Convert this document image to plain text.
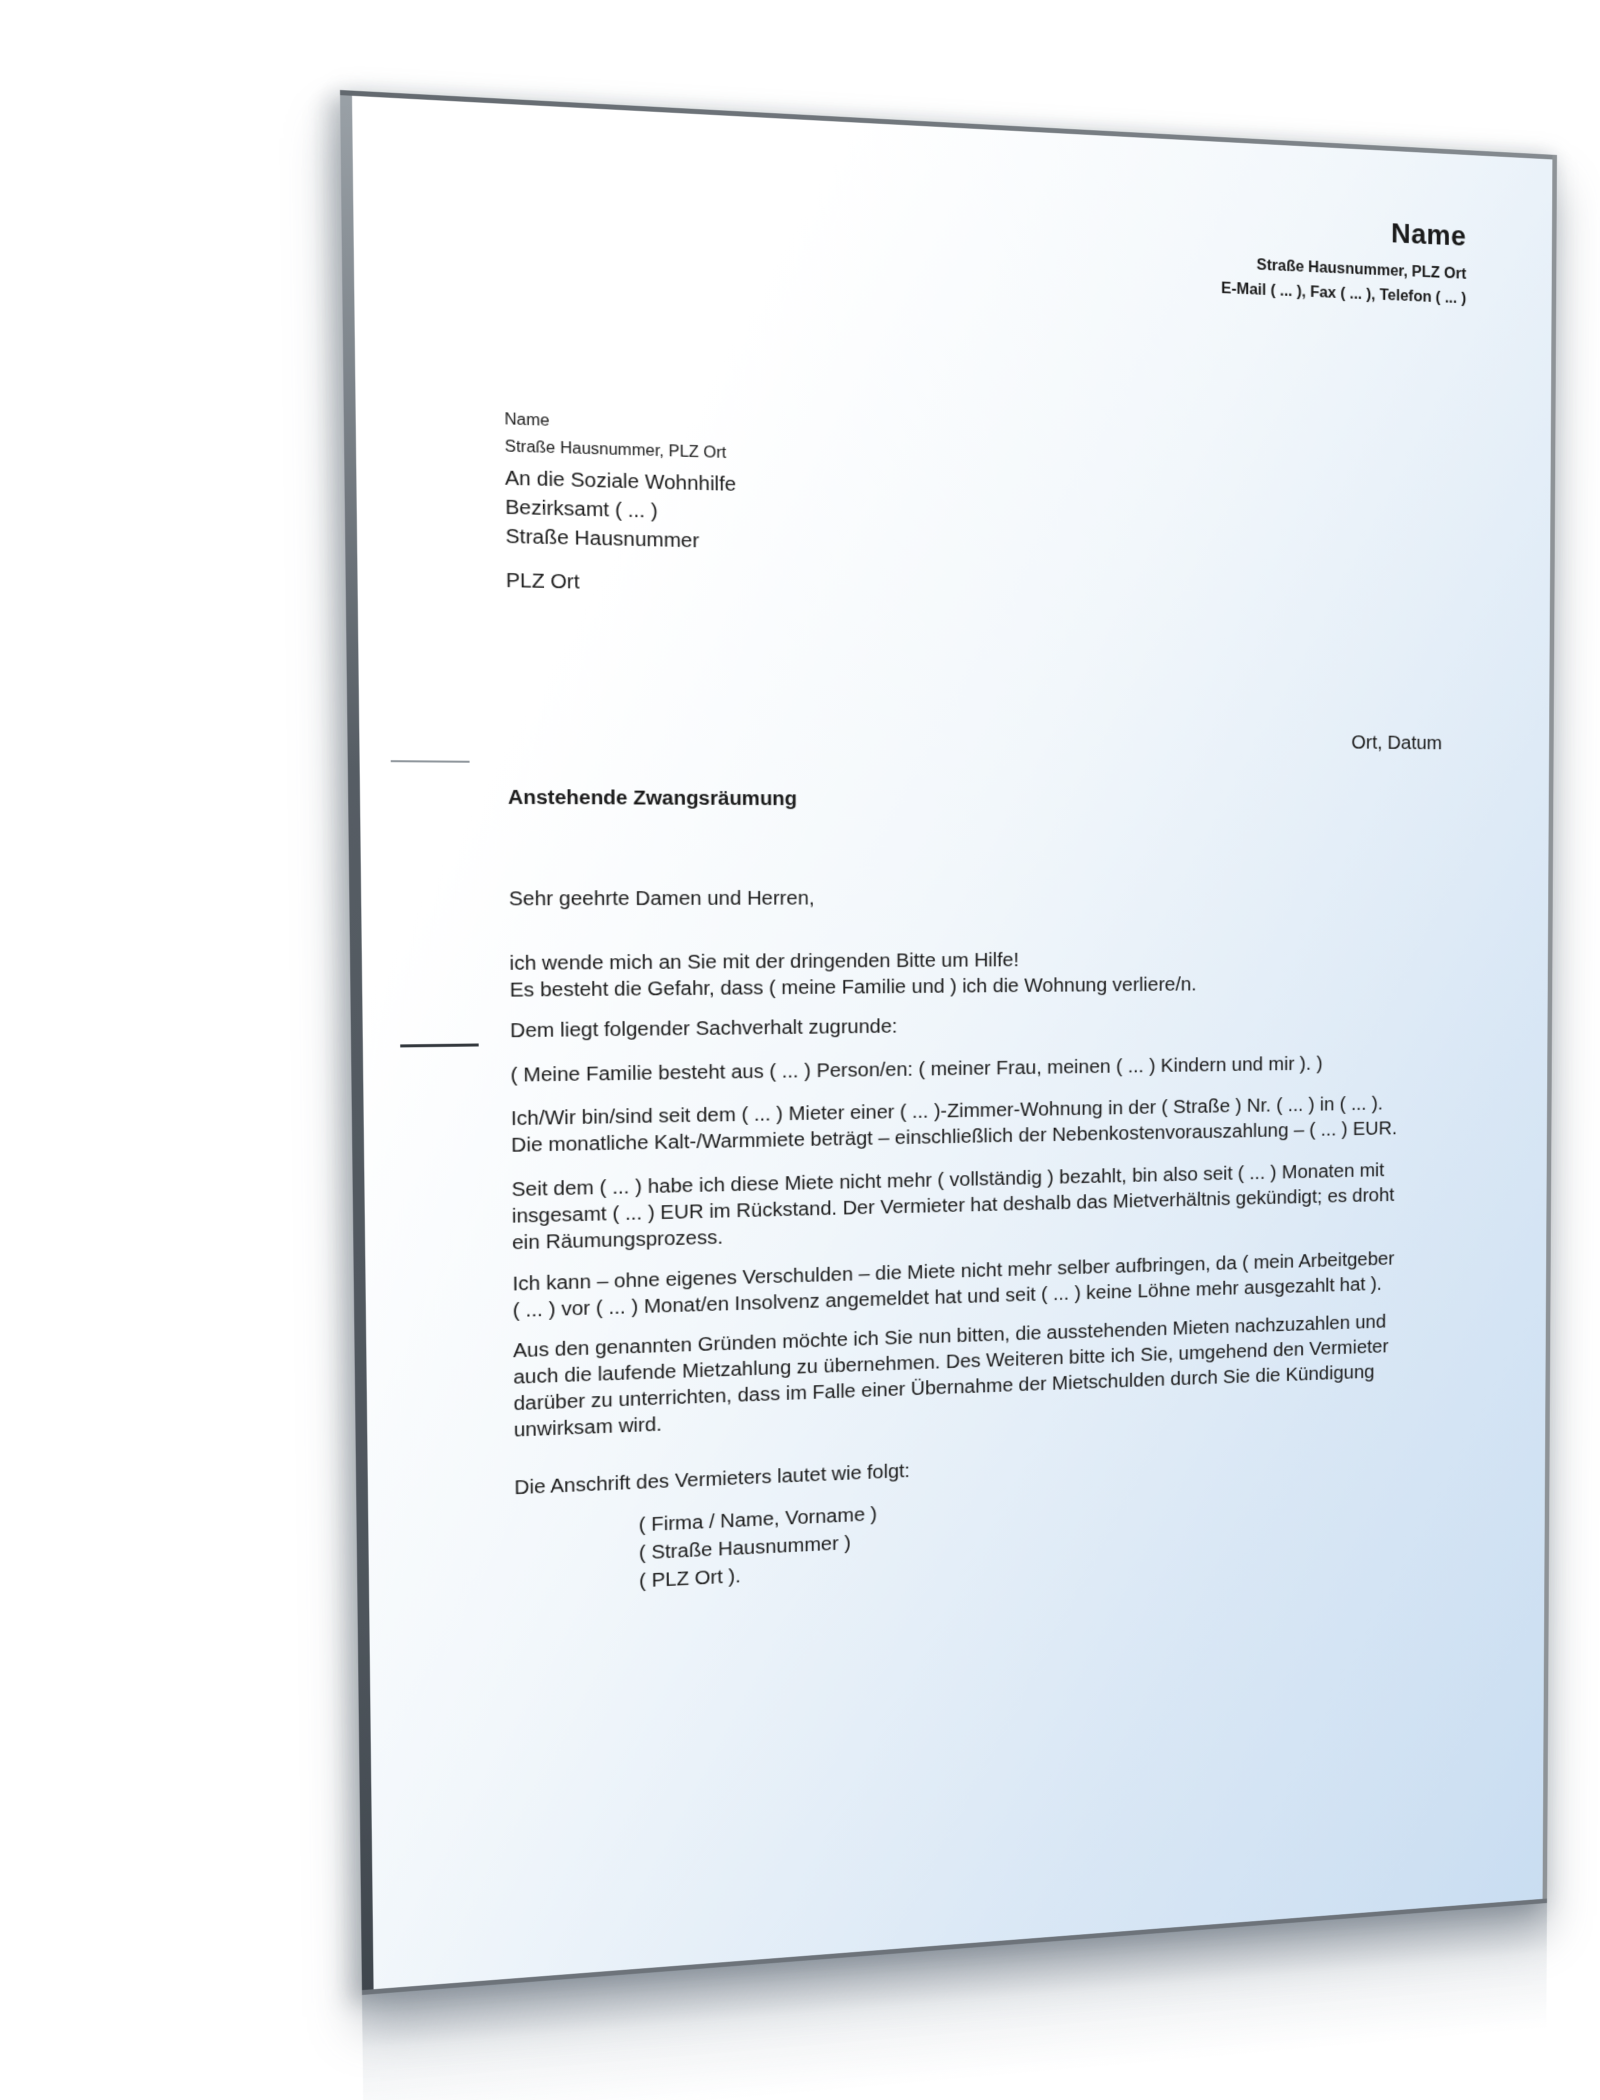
Name
Straße Hausnummer, PLZ Ort
E-Mail ( ... ), Fax ( ... ), Telefon ( ... )
Name
Straße Hausnummer, PLZ Ort
An die Soziale Wohnhilfe
Bezirksamt ( ... )
Straße Hausnummer
PLZ Ort
Ort, Datum
Anstehende Zwangsräumung

Sehr geehrte Damen und Herren,

ich wende mich an Sie mit der dringenden Bitte um Hilfe!
Es besteht die Gefahr, dass ( meine Familie und ) ich die Wohnung verliere/n.

Dem liegt folgender Sachverhalt zugrunde:

( Meine Familie besteht aus ( ... ) Person/en: ( meiner Frau, meinen ( ... ) Kindern und mir ). )

Ich/Wir bin/sind seit dem ( ... ) Mieter einer ( ... )-Zimmer-Wohnung in der ( Straße ) Nr. ( ... ) in ( ... ).
Die monatliche Kalt-/Warmmiete beträgt – einschließlich der Nebenkostenvorauszahlung – ( ... ) EUR.

Seit dem ( ... ) habe ich diese Miete nicht mehr ( vollständig ) bezahlt, bin also seit ( ... ) Monaten mit
insgesamt ( ... ) EUR im Rückstand. Der Vermieter hat deshalb das Mietverhältnis gekündigt; es droht
ein Räumungsprozess.

Ich kann – ohne eigenes Verschulden – die Miete nicht mehr selber aufbringen, da ( mein Arbeitgeber
( ... ) vor ( ... ) Monat/en Insolvenz angemeldet hat und seit ( ... ) keine Löhne mehr ausgezahlt hat ).

Aus den genannten Gründen möchte ich Sie nun bitten, die ausstehenden Mieten nachzuzahlen und
auch die laufende Mietzahlung zu übernehmen. Des Weiteren bitte ich Sie, umgehend den Vermieter
darüber zu unterrichten, dass im Falle einer Übernahme der Mietschulden durch Sie die Kündigung
unwirksam wird.

Die Anschrift des Vermieters lautet wie folgt:

( Firma / Name, Vorname )
( Straße Hausnummer )
( PLZ Ort ).
